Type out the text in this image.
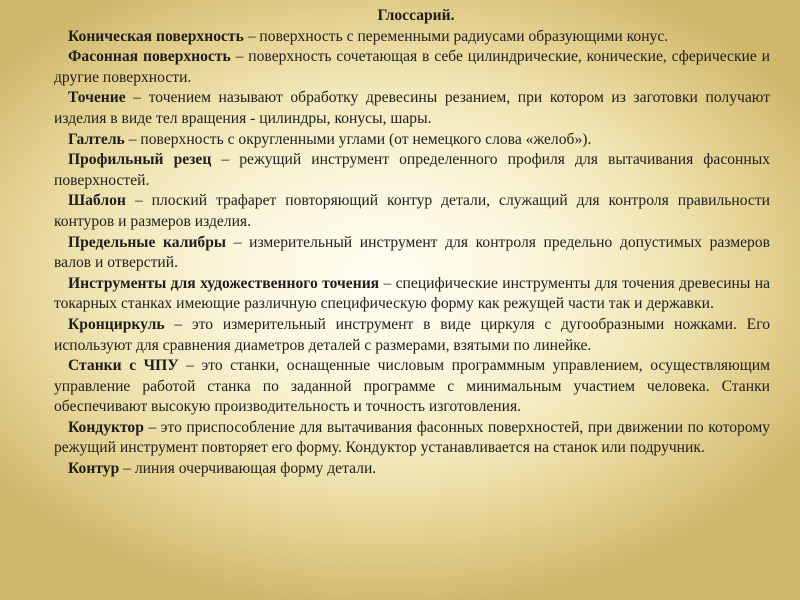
Глоссарий.

Коническая поверхность – поверхность с переменными радиусами образующими конус.

Фасонная поверхность – поверхность сочетающая в себе цилиндрические, конические, сферические и другие поверхности.

Точение – точением называют обработку древесины резанием, при котором из заготовки получают изделия в виде тел вращения - цилиндры, конусы, шары.

Галтель – поверхность с округленными углами (от немецкого слова «желоб»).

Профильный резец – режущий инструмент определенного профиля для вытачивания фасонных поверхностей.

Шаблон – плоский трафарет повторяющий контур детали, служащий для контроля правильности контуров и размеров изделия.

Предельные калибры – измерительный инструмент для контроля предельно допустимых размеров валов и отверстий.

Инструменты для художественного точения – специфические инструменты для точения древесины на токарных станках имеющие различную специфическую форму как режущей части так и державки.

Кронциркуль – это измерительный инструмент в виде циркуля с дугообразными ножками. Его используют для сравнения диаметров деталей с размерами, взятыми по линейке.

Станки с ЧПУ – это станки, оснащенные числовым программным управлением, осуществляющим управление работой станка по заданной программе с минимальным участием человека. Станки обеспечивают высокую производительность и точность изготовления.

Кондуктор – это приспособление для вытачивания фасонных поверхностей, при движении по которому режущий инструмент повторяет его форму. Кондуктор устанавливается на станок или подручник.

Контур – линия очерчивающая форму детали.
